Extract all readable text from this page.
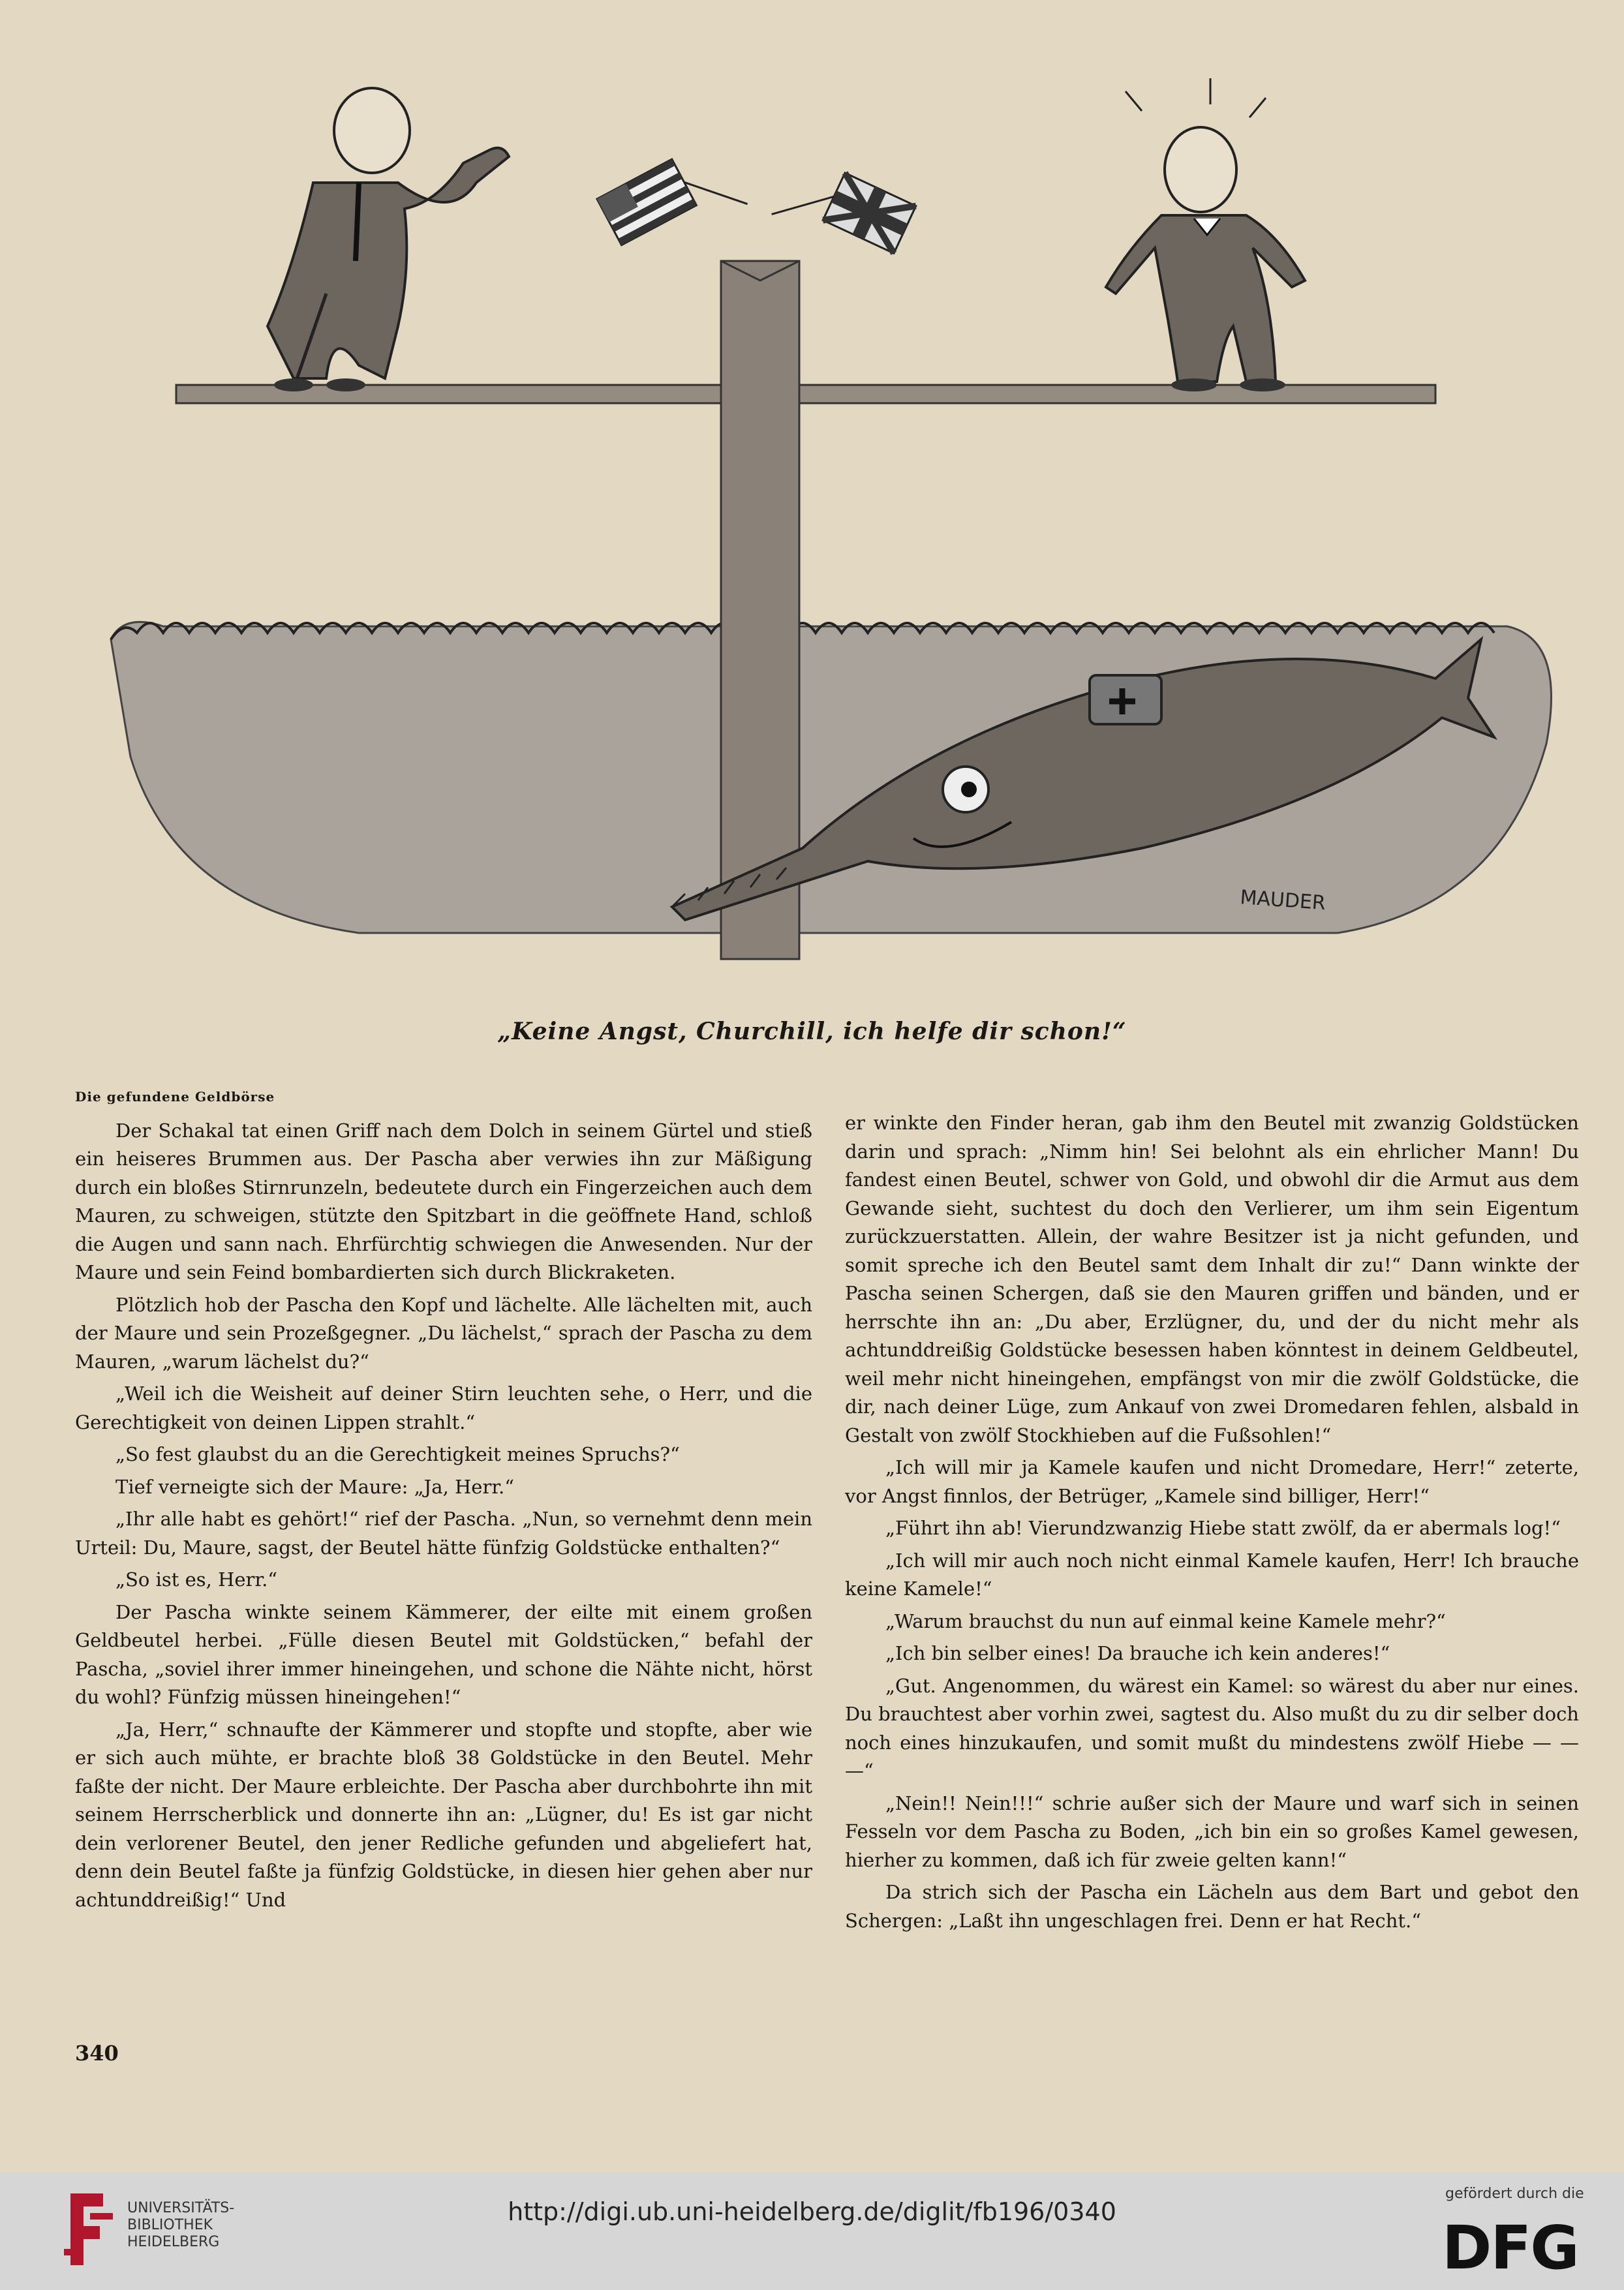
MAUDER
„Keine Angst, Churchill, ich helfe dir schon!“
Die gefundene Geldbörse

Der Schakal tat einen Griff nach dem Dolch in seinem Gürtel und stieß ein heiseres Brummen aus. Der Pascha aber verwies ihn zur Mäßigung durch ein bloßes Stirnrunzeln, bedeutete durch ein Fingerzeichen auch dem Mauren, zu schweigen, stützte den Spitzbart in die geöffnete Hand, schloß die Augen und sann nach. Ehrfürchtig schwiegen die Anwesenden. Nur der Maure und sein Feind bombardierten sich durch Blickraketen.

Plötzlich hob der Pascha den Kopf und lächelte. Alle lächelten mit, auch der Maure und sein Prozeßgegner. „Du lächelst,“ sprach der Pascha zu dem Mauren, „warum lächelst du?“

„Weil ich die Weisheit auf deiner Stirn leuchten sehe, o Herr, und die Gerechtigkeit von deinen Lippen strahlt.“

„So fest glaubst du an die Gerechtigkeit meines Spruchs?“

Tief verneigte sich der Maure: „Ja, Herr.“

„Ihr alle habt es gehört!“ rief der Pascha. „Nun, so vernehmt denn mein Urteil: Du, Maure, sagst, der Beutel hätte fünfzig Goldstücke enthalten?“

„So ist es, Herr.“

Der Pascha winkte seinem Kämmerer, der eilte mit einem großen Geldbeutel herbei. „Fülle diesen Beutel mit Goldstücken,“ befahl der Pascha, „soviel ihrer immer hineingehen, und schone die Nähte nicht, hörst du wohl? Fünfzig müssen hineingehen!“

„Ja, Herr,“ schnaufte der Kämmerer und stopfte und stopfte, aber wie er sich auch mühte, er brachte bloß 38 Goldstücke in den Beutel. Mehr faßte der nicht. Der Maure erbleichte. Der Pascha aber durchbohrte ihn mit seinem Herrscherblick und donnerte ihn an: „Lügner, du! Es ist gar nicht dein verlorener Beutel, den jener Redliche gefunden und abgeliefert hat, denn dein Beutel faßte ja fünfzig Goldstücke, in diesen hier gehen aber nur achtunddreißig!“ Und

er winkte den Finder heran, gab ihm den Beutel mit zwanzig Goldstücken darin und sprach: „Nimm hin! Sei belohnt als ein ehrlicher Mann! Du fandest einen Beutel, schwer von Gold, und obwohl dir die Armut aus dem Gewande sieht, suchtest du doch den Verlierer, um ihm sein Eigentum zurückzuerstatten. Allein, der wahre Besitzer ist ja nicht gefunden, und somit spreche ich den Beutel samt dem Inhalt dir zu!“ Dann winkte der Pascha seinen Schergen, daß sie den Mauren griffen und bänden, und er herrschte ihn an: „Du aber, Erzlügner, du, und der du nicht mehr als achtunddreißig Goldstücke besessen haben könntest in deinem Geldbeutel, weil mehr nicht hineingehen, empfängst von mir die zwölf Goldstücke, die dir, nach deiner Lüge, zum Ankauf von zwei Dromedaren fehlen, alsbald in Gestalt von zwölf Stockhieben auf die Fußsohlen!“

„Ich will mir ja Kamele kaufen und nicht Dromedare, Herr!“ zeterte, vor Angst finnlos, der Betrüger, „Kamele sind billiger, Herr!“

„Führt ihn ab! Vierundzwanzig Hiebe statt zwölf, da er abermals log!“

„Ich will mir auch noch nicht einmal Kamele kaufen, Herr! Ich brauche keine Kamele!“

„Warum brauchst du nun auf einmal keine Kamele mehr?“

„Ich bin selber eines! Da brauche ich kein anderes!“

„Gut. Angenommen, du wärest ein Kamel: so wärest du aber nur eines. Du brauchtest aber vorhin zwei, sagtest du. Also mußt du zu dir selber doch noch eines hinzukaufen, und somit mußt du mindestens zwölf Hiebe — — —“

„Nein!! Nein!!!“ schrie außer sich der Maure und warf sich in seinen Fesseln vor dem Pascha zu Boden, „ich bin ein so großes Kamel gewesen, hierher zu kommen, daß ich für zweie gelten kann!“

Da strich sich der Pascha ein Lächeln aus dem Bart und gebot den Schergen: „Laßt ihn ungeschlagen frei. Denn er hat Recht.“

340
UNIVERSITÄTS-
BIBLIOTHEK
HEIDELBERG
http://digi.ub.uni-heidelberg.de/diglit/fb196/0340
gefördert durch die
DFG
